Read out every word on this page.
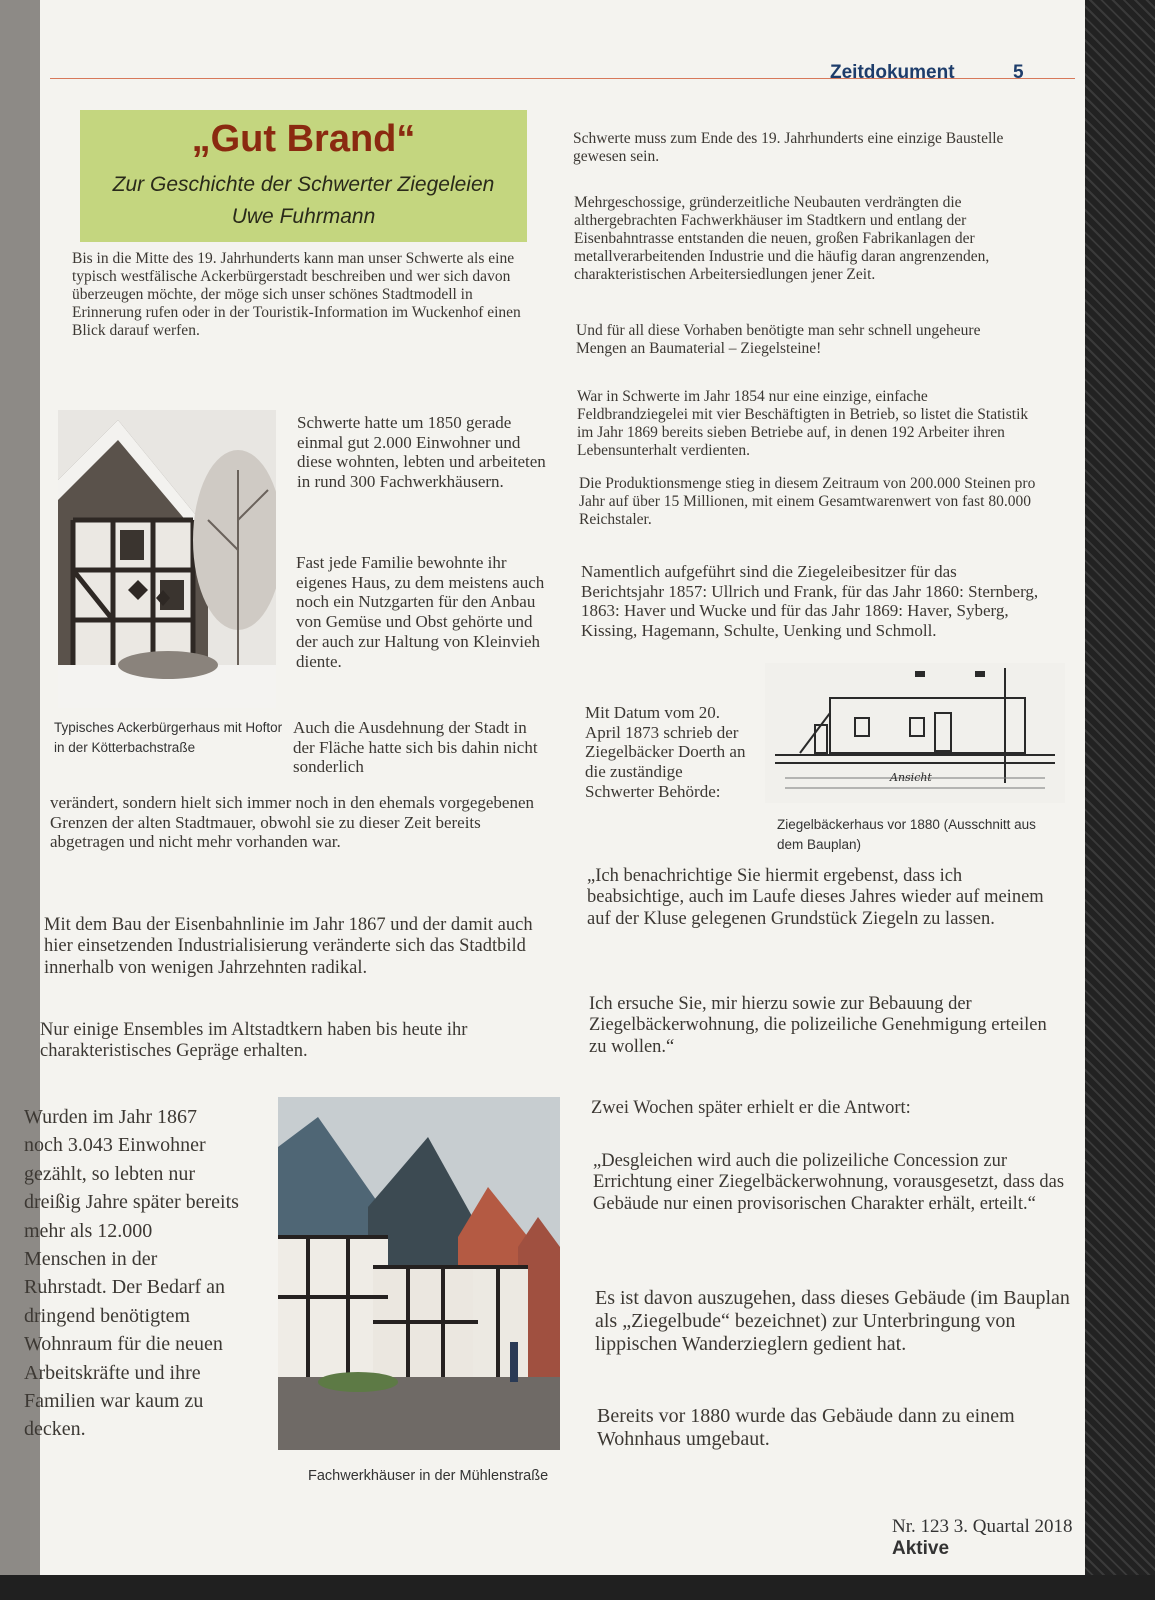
Zeitdokument	5
„Gut Brand“
Zur Geschichte der Schwerter Ziegeleien
Uwe Fuhrmann
Bis in die Mitte des 19. Jahrhunderts kann man unser Schwerte als eine typisch westfälische Ackerbürgerstadt beschreiben und wer sich davon überzeugen möchte, der möge sich unser schönes Stadtmodell in Erinnerung rufen oder in der Touristik-Information im Wuckenhof einen Blick darauf werfen.
Typisches Ackerbürgerhaus mit Hoftor in der Kötterbachstraße
Schwerte hatte um 1850 gerade einmal gut 2.000 Einwohner und diese wohnten, lebten und arbeiteten in rund 300 Fachwerkhäusern.
Fast jede Familie bewohnte ihr eigenes Haus, zu dem meistens auch noch ein Nutzgarten für den Anbau von Gemüse und Obst gehörte und der auch zur Haltung von Kleinvieh diente.
Auch die Ausdehnung der Stadt in der Fläche hatte sich bis dahin nicht sonderlich
verändert, sondern hielt sich immer noch in den ehemals vorgegebenen Grenzen der alten Stadtmauer, obwohl sie zu dieser Zeit bereits abgetragen und nicht mehr vorhanden war.
Mit dem Bau der Eisenbahnlinie im Jahr 1867 und der damit auch hier einsetzenden Industrialisierung veränderte sich das Stadtbild innerhalb von wenigen Jahrzehnten radikal.
Nur einige Ensembles im Altstadtkern haben bis heute ihr charakteristisches Gepräge erhalten.
Wurden im Jahr 1867 noch 3.043 Einwohner gezählt, so lebten nur dreißig Jahre später bereits mehr als 12.000 Menschen in der Ruhrstadt. Der Bedarf an dringend benötigtem Wohnraum für die neuen Arbeitskräfte und ihre Familien war kaum zu decken.
Fachwerkhäuser in der Mühlenstraße
Schwerte muss zum Ende des 19. Jahrhunderts eine einzige Baustelle gewesen sein.
Mehrgeschossige, gründerzeitliche Neubauten verdrängten die althergebrachten Fachwerkhäuser im Stadtkern und entlang der Eisenbahntrasse entstanden die neuen, großen Fabrikanlagen der metallverarbeitenden Industrie und die häufig daran angrenzenden, charakteristischen Arbeitersiedlungen jener Zeit.
Und für all diese Vorhaben benötigte man sehr schnell ungeheure Mengen an Baumaterial – Ziegelsteine!
War in Schwerte im Jahr 1854 nur eine einzige, einfache Feldbrandziegelei mit vier Beschäftigten in Betrieb, so listet die Statistik im Jahr 1869 bereits sieben Betriebe auf, in denen 192 Arbeiter ihren Lebensunterhalt verdienten.
Die Produktionsmenge stieg in diesem Zeitraum von 200.000 Steinen pro Jahr auf über 15 Millionen, mit einem Gesamtwarenwert von fast 80.000 Reichstaler.
Namentlich aufgeführt sind die Ziegeleibesitzer für das Berichtsjahr 1857: Ullrich und Frank, für das Jahr 1860: Sternberg, 1863: Haver und Wucke und für das Jahr 1869: Haver, Syberg, Kissing, Hagemann, Schulte, Uenking und Schmoll.
Mit Datum vom 20. April 1873 schrieb der Ziegelbäcker Doerth an die zuständige Schwerter Behörde:
Ansicht
Ziegelbäckerhaus vor 1880 (Ausschnitt aus dem Bauplan)
„Ich benachrichtige Sie hiermit ergebenst, dass ich beabsichtige, auch im Laufe dieses Jahres wieder auf meinem auf der Kluse gelegenen Grundstück Ziegeln zu lassen.
Ich ersuche Sie, mir hierzu sowie zur Bebauung der Ziegelbäckerwohnung, die polizeiliche Genehmigung erteilen zu wollen.“
Zwei Wochen später erhielt er die Antwort:
„Desgleichen wird auch die polizeiliche Concession zur Errichtung einer Ziegelbäckerwohnung, vorausgesetzt, dass das Gebäude nur einen provisorischen Charakter erhält, erteilt.“
Es ist davon auszugehen, dass dieses Gebäude (im Bauplan als „Ziegelbude“ bezeichnet) zur Unterbringung von lippischen Wanderzieglern gedient hat.
Bereits vor 1880 wurde das Gebäude dann zu einem Wohnhaus umgebaut.
Nr. 123 3. Quartal 2018 Aktive
